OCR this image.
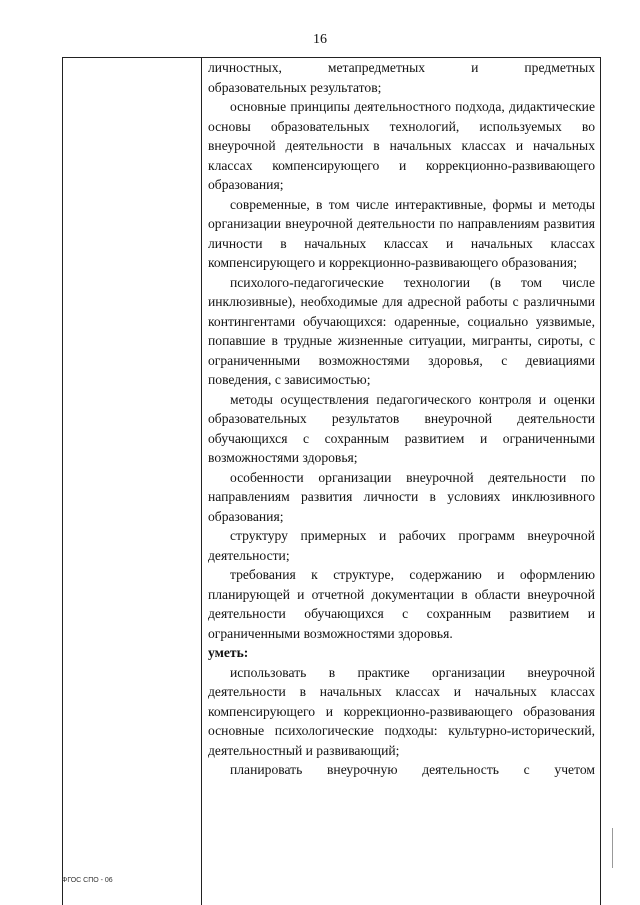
16

личностных, метапредметных и предметных

образовательных результатов;

основные принципы деятельностного подхода, дидактические основы образовательных технологий, используемых во внеурочной деятельности в начальных классах и начальных классах компенсирующего и коррекционно-развивающего образования;

современные, в том числе интерактивные, формы и методы организации внеурочной деятельности по направлениям развития личности в начальных классах и начальных классах компенсирующего и коррекционно-развивающего образования;

психолого-педагогические технологии (в том числе инклюзивные), необходимые для адресной работы с различными контингентами обучающихся: одаренные, социально уязвимые, попавшие в трудные жизненные ситуации, мигранты, сироты, с ограниченными возможностями здоровья, с девиациями поведения, с зависимостью;

методы осуществления педагогического контроля и оценки образовательных результатов внеурочной деятельности обучающихся с сохранным развитием и ограниченными возможностями здоровья;

особенности организации внеурочной деятельности по направлениям развития личности в условиях инклюзивного образования;

структуру примерных и рабочих программ внеурочной деятельности;

требования к структуре, содержанию и оформлению планирующей и отчетной документации в области внеурочной деятельности обучающихся с сохранным развитием и ограниченными возможностями здоровья.

уметь:

использовать в практике организации внеурочной деятельности в начальных классах и начальных классах компенсирующего и коррекционно-развивающего образования основные психологические подходы: культурно-исторический, деятельностный и развивающий;

планировать внеурочную деятельность с учетом

ФГОС СПО - 06
